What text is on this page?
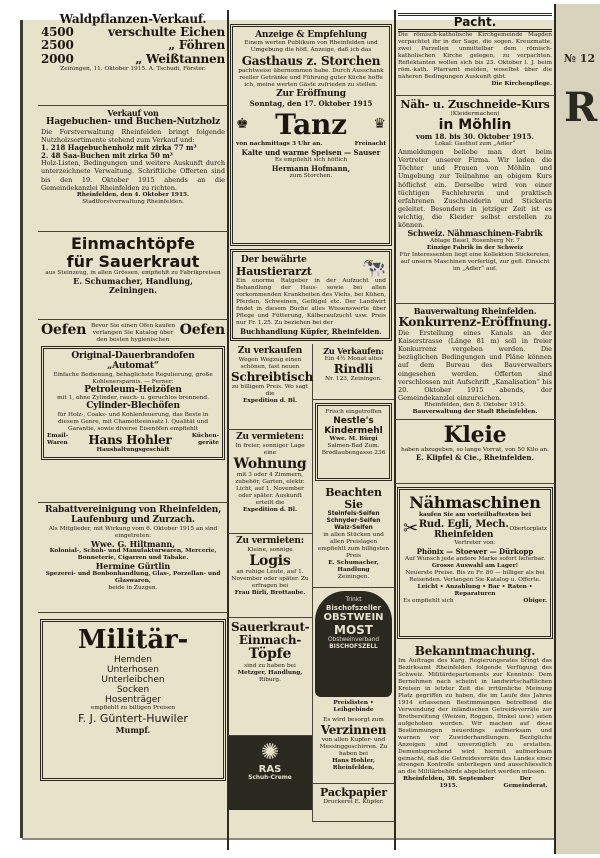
№ 12
R
Waldpflanzen-Verkauf.
4500	verschulte Eichen
2500	„ Föhren
2000	„ Weißtannen
Zeiningen, 11. Oktober 1915. A. Tschudi, Förster.
Verkauf von
Hagebuchen- und Buchen-Nutzholz
Die Forstverwaltung Rheinfelden bringt folgende Nutzholzsortimente stehend zum Verkauf und:
1. 218 Hagebuchenholz mit zirka 77 m³
2. 48 Saa-Buchen mit zirka 50 m³
Holz-Listen, Bedingungen und weitere Auskunft durch unterzeichnete Verwaltung. Schriftliche Offerten sind bis den 19. Oktober 1915 abends an die Gemeindekanzlei Rheinfelden zu richten.
Rheinfelden, den 4. Oktober 1915.
Stadtforstverwaltung Rheinfelden.
Einmachtöpfe
für Sauerkraut
aus Steinzeug, in allen Grössen, empfiehlt zu Fabrikpreisen
E. Schumacher, Handlung,
Zeiningen.
Oefen Bevor Sie einen Ofen kaufen verlangen Sie Katalog über den besten hygienischen
Oefen
Original-Dauerbrandofen
„Automat“
Einfache Bedienung, behaglichste Regulierung, große Kohlenersparnis. — Ferner:
Petroleum-Heizöfen
mit 1, ohne Zylinder, rauch- u. geruchlos brennend.
Cylinder-Blechöfen
für Holz-, Coaks- und Kohlenfeuerung, das Beste in diesem Genre, mit Chamotteeinsatz I. Qualität und Garantie, sowie diverse Eisenöfen empfiehlt
Email-
Waren Hans Hohler	Küchen-
geräte
Haushaltungsgeschäft
Rabattvereinigung von Rheinfelden, Laufenburg und Zurzach.
Als Mitglieder, mit Wirkung vom 6. Oktober 1915 an sind eingetreten:
Wwe. G. Hiltmann,
Kolonial-, Schuh- und Manufakturwaren, Mercerie, Bonneterie, Cigarren und Tabake.
Hermine Gürtlin
Spezerei- und Bonbonhandlung, Glas-, Porzellan- und Glaswaren,
beide in Zuzgen.
Militär-
Hemden
Unterhosen
Unterleibchen
Socken
Hosenträger
empfiehlt zu billigen Preisen
F. J. Güntert-Huwiler
Mumpf.
Anzeige & Empfehlung
Einem werten Publikum von Rheinfelden und Umgebung die höfl. Anzeige, daß ich das
Gasthaus z. Storchen
pachtweise übernommen habe. Durch Ausschank reeller Getränke und Führung guter Küche hoffe ich, meine werten Gäste zufrieden zu stellen.
Zur Eröffnung
Sonntag, den 17. Oktober 1915
♚ Tanz ♛
von nachmittags 3 Uhr an.	Freinacht
Kalte und warme Speisen — Sauser
Es empfiehlt sich höflich
Hermann Hofmann,
zum Storchen.
Der bewährte
Haustierarzt 🐄
Ein enorme Ratgeber in der Aufzucht und Behandlung der Haus- sowie bei allen vorkommenden Krankheiten des Viehs, bei Kühen, Pferden, Schweinen, Geflügel etc. Der Landwirt findet in diesem Buche alles Wissenswerte über Pflege und Fütterung, Kälberaufzucht usw. Preis nur Fr. 1.25. Zu beziehen bei der
Buchhandlung Küpfer, Rheinfelden.
Zu verkaufen
Wegen Wegzug einen schönen, fast neuen
Schreibtisch
zu billigem Preis. Wo sagt die
Expedition d. Bl.
Zu vermieten:
In freier, sonniger Lage eine
Wohnung
mit 3 oder 4 Zimmern, zubehör, Garten, elektr. Licht, auf 1. November oder später. Auskunft erteilt die
Expedition d. Bl.
Zu vermieten:
Kleine, sonnige
Logis
an ruhige Leute, auf 1. November oder später. Zu erfragen bei
Frau Birli, Brottaube.
Sauerkraut-
Einmach-
Töpfe
sind zu haben bei
Metzger, Handlung,
Riburg.
✺
RAS
Schuh-Creme
Zu Verkaufen:
Ein 4½ Monat altes
Rindli
Nr. 123, Zeiningen.
Frisch eingetroffen
Nestle's
Kindermehl
Wwe. M. Bürgi
Salmen-Bad Zum. Brodlaubengasse 236
Beachten Sie
Steinfels-Seifen
Schnyder-Seifen
Walz-Seifen
in allen Stücken und allen Preislagen empfiehlt zum billigsten Preis
E. Schumacher, Handlung
Zeiningen.
Trinkt
Bischofszeller
OBSTWEIN
MOST
Obstweinverband
BISCHOFSZELL
Preislisten • Leihgebinde
Es wird besorgt zum
Verzinnen
von allen Kupfer- und Messinggeschirren. Zu haben bei
Hans Hohler, Rheinfelden,
Packpapier
Druckerei E. Küpfer.
Pacht.
Die römisch-katholische Kirchgemeinde Magden verpachtet ihr in der Sage, die sogen. Kreuzmatte, zwei Parzellen unmittelbar dem römisch-katholischen Kirche gelegen, zu verpachten. Reflektanten wollen sich bis 23. Oktober l. J. beim röm.-kath. Pfarramt melden, woselbst über die näheren Bedingungen Auskunft gibt.
Die Kirchenpflege.
Näh- u. Zuschneide-Kurs
(Kleidermachen)
in Möhlin
vom 18. bis 30. Oktober 1915.
Lokal: Gasthof zum „Adler“
Anmeldungen beliebe man dort beim Vertreter unserer Firma. Wir laden die Töchter und Frauen von Möhlin und Umgebung zur Teilnahme an obigem Kurs höflichst ein. Derselbe wird von einer tüchtigen Fachlehrerin und praktisch erfahrenen Zuschneiderin und Stickerin geleitet. Besonders in jetziger Zeit ist es wichtig, die Kleider selbst erstellen zu können.
Schweiz. Nähmaschinen-Fabrik
Ablage Basel, Rosenberg Nr. 7
Einzige Fabrik in der Schweiz
Für Interessenten liegt eine Kollektion Stickereien, auf unsern Maschinen verfertigt, zur gefl. Einsicht im „Adler“ auf.
Bauverwaltung Rheinfelden.
Konkurrenz-Eröffnung.
Die Erstellung eines Kanals an der Kaiserstrasse (Länge 81 m) soll in freier Konkurrenz vergeben werden. Die bezüglichen Bedingungen und Pläne können auf dem Bureau des Bauverwalters eingesehen werden. Offerten sind verschlossen mit Aufschrift „Kanalisation“ bis 20. Oktober 1915 abends, der Gemeindekanzlei einzureichen.
Rheinfelden, den 8. Oktober 1915.
Bauverwaltung der Stadt Rheinfelden.
Kleie
haben abzugeben, so lange Vorrat, von 50 Kilo an.
E. Klipfel & Cie., Rheinfelden.
Nähmaschinen
kaufen Sie am vorteilhaftesten bei
✂ Rud. Egli, Mech.
Rheinfelden
Obertorplatz
Vertreter von:
Phönix — Stoewer — Dürkopp
Auf Wunsch jede andere Marke sofort lieferbar.
Grosse Auswahl am Lager!
Neuerste Preise. Bis zu Fr. 80 — billiger als bei Reisenden. Verlangen Sie Katalog u. Offerte.
Leicht • Anzahlung • Bar • Raten • Reparaturen
Es empfiehlt sich	Obiger.
Bekanntmachung.
Im Auftrage des Karg. Regierungsrates bringt das Bezirksamt Rheinfelden folgende Verfügung des Schweiz. Militärdepartements zur Kenntnis: Dem Bernehmen nach scheint in landwirtschaftlichen Kreisen in letzter Zeit die irrtümliche Meinung Platz gegriffen zu haben, die im Laufe des Jahres 1914 erlassenen Bestimmungen betreffend die Verwendung der inländischen Getreidevorräte zur Brotbereitung (Weizen, Roggen, Dinkel usw.) seien aufgehoben worden. Wir machen auf diese Bestimmungen neuerdings aufmerksam und warnen vor Zuwiderhandlungen. Bezügliche Anzeigen sind unverzüglich zu erstatten. Dementsprechend wird hiermit aufmerksam gemacht, daß die Getreidevorräte des Landes einer strengen Kontrolle unterliegen und ausschliesslich an die Militärbehörde abgeliefert werden müssen.
Rheinfelden, 30. September 1915.
Der Gemeinderat.
